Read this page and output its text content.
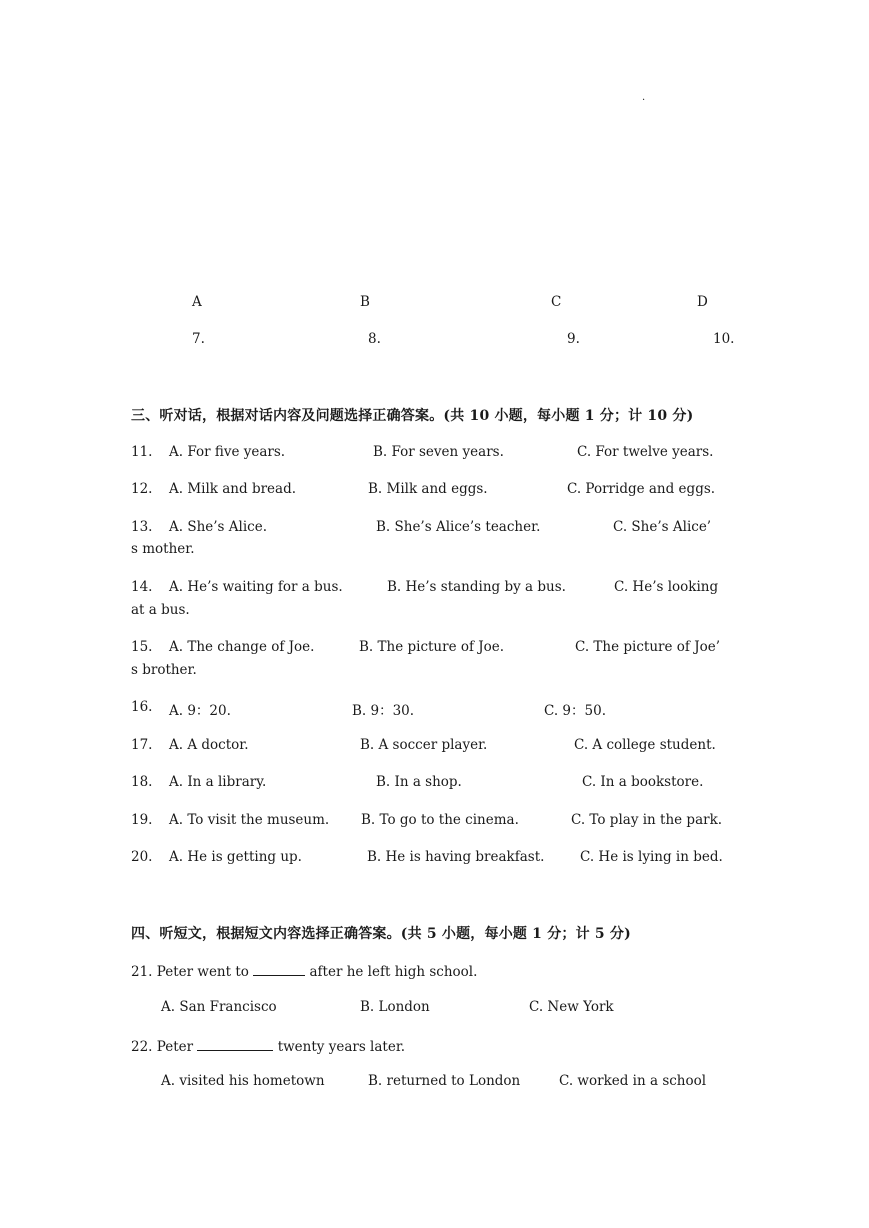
.
A	B	C	D
7.	8.	9.	10.
三、听对话，根据对话内容及问题选择正确答案。(共 10 小题，每小题 1 分；计 10 分)
11. A. For five years.	B. For seven years.	C. For twelve years.
12. A. Milk and bread.	B. Milk and eggs.	C. Porridge and eggs.
13. A. She’s Alice.	B. She’s Alice’s teacher.	C. She’s Alice’
s mother.
14. A. He’s waiting for a bus.	B. He’s standing by a bus.	C. He’s looking
at a bus.
15. A. The change of Joe.	B. The picture of Joe.	C. The picture of Joe’
s brother.
16. A. 9：20.	B. 9：30.	C. 9：50.
17. A. A doctor.	B. A soccer player.	C. A college student.
18. A. In a library.	B. In a shop.	C. In a bookstore.
19. A. To visit the museum. B. To go to the cinema.	C. To play in the park.
20. A. He is getting up.	B. He is having breakfast.	C. He is lying in bed.
四、听短文，根据短文内容选择正确答案。(共 5 小题，每小题 1 分；计 5 分)
21. Peter went to	after he left high school.
A. San Francisco	B. London	C. New York
22. Peter	twenty years later.
A. visited his hometown	B. returned to London	C. worked in a school
